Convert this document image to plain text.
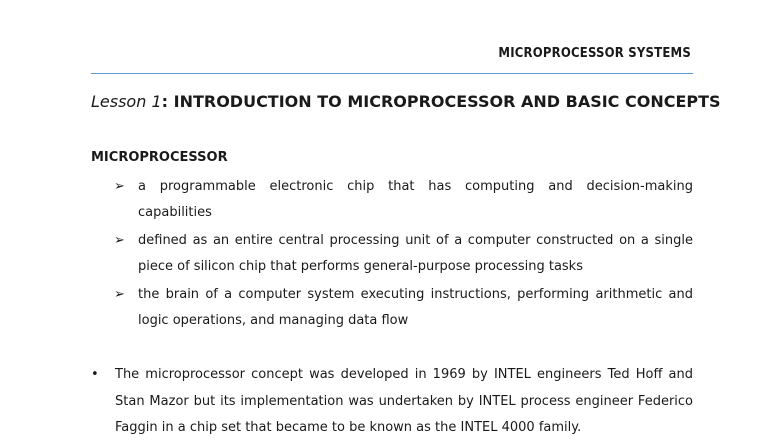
MICROPROCESSOR SYSTEMS
Lesson 1: INTRODUCTION TO MICROPROCESSOR AND BASIC CONCEPTS
MICROPROCESSOR
➢ a programmable electronic chip that has computing and decision-making capabilities
➢ defined as an entire central processing unit of a computer constructed on a single piece of silicon chip that performs general-purpose processing tasks
➢ the brain of a computer system executing instructions, performing arithmetic and logic operations, and managing data flow
• The microprocessor concept was developed in 1969 by INTEL engineers Ted Hoff and Stan Mazor but its implementation was undertaken by INTEL process engineer Federico Faggin in a chip set that became to be known as the INTEL 4000 family.
